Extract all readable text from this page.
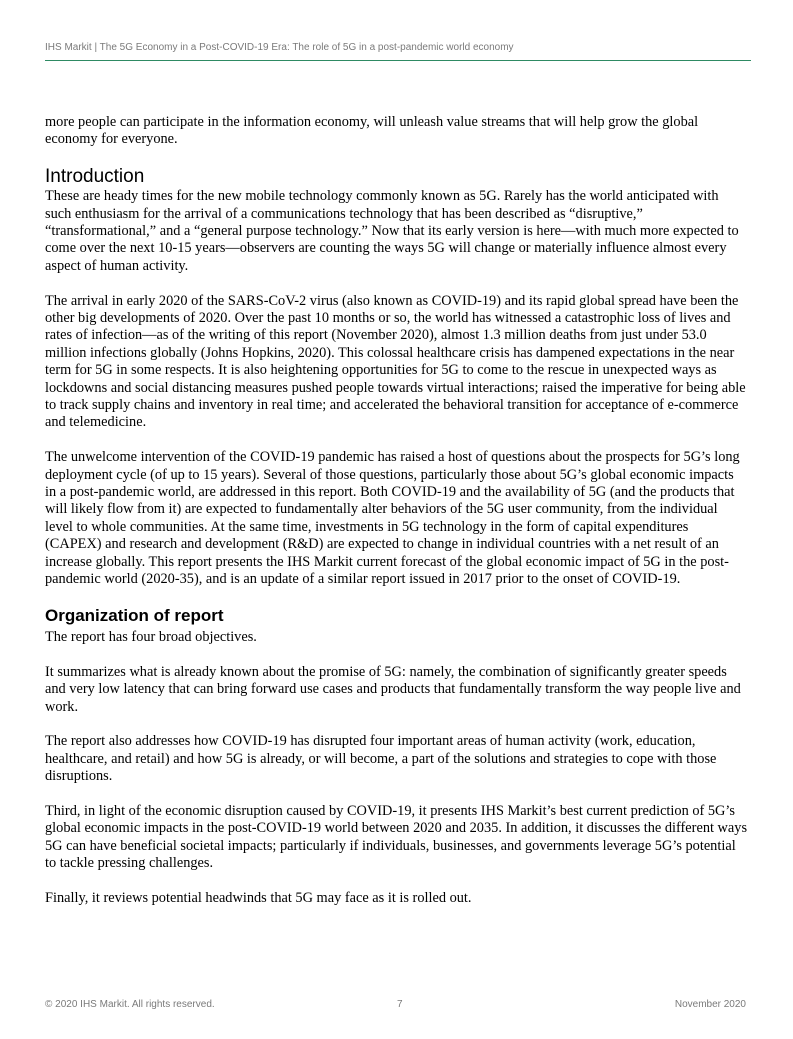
IHS Markit | The 5G Economy in a Post-COVID-19 Era: The role of 5G in a post-pandemic world economy

more people can participate in the information economy, will unleash value streams that will help grow the global economy for everyone.

Introduction

These are heady times for the new mobile technology commonly known as 5G. Rarely has the world anticipated with such enthusiasm for the arrival of a communications technology that has been described as “disruptive,” “transformational,” and a “general purpose technology.” Now that its early version is here—with much more expected to come over the next 10-15 years—observers are counting the ways 5G will change or materially influence almost every aspect of human activity.

The arrival in early 2020 of the SARS-CoV-2 virus (also known as COVID-19) and its rapid global spread have been the other big developments of 2020. Over the past 10 months or so, the world has witnessed a catastrophic loss of lives and rates of infection—as of the writing of this report (November 2020), almost 1.3 million deaths from just under 53.0 million infections globally (Johns Hopkins, 2020). This colossal healthcare crisis has dampened expectations in the near term for 5G in some respects. It is also heightening opportunities for 5G to come to the rescue in unexpected ways as lockdowns and social distancing measures pushed people towards virtual interactions; raised the imperative for being able to track supply chains and inventory in real time; and accelerated the behavioral transition for acceptance of e-commerce and telemedicine.

The unwelcome intervention of the COVID-19 pandemic has raised a host of questions about the prospects for 5G’s long deployment cycle (of up to 15 years). Several of those questions, particularly those about 5G’s global economic impacts in a post-pandemic world, are addressed in this report. Both COVID-19 and the availability of 5G (and the products that will likely flow from it) are expected to fundamentally alter behaviors of the 5G user community, from the individual level to whole communities. At the same time, investments in 5G technology in the form of capital expenditures (CAPEX) and research and development (R&D) are expected to change in individual countries with a net result of an increase globally. This report presents the IHS Markit current forecast of the global economic impact of 5G in the post-pandemic world (2020-35), and is an update of a similar report issued in 2017 prior to the onset of COVID-19.

Organization of report

The report has four broad objectives.

It summarizes what is already known about the promise of 5G: namely, the combination of significantly greater speeds and very low latency that can bring forward use cases and products that fundamentally transform the way people live and work.

The report also addresses how COVID-19 has disrupted four important areas of human activity (work, education, healthcare, and retail) and how 5G is already, or will become, a part of the solutions and strategies to cope with those disruptions.

Third, in light of the economic disruption caused by COVID-19, it presents IHS Markit’s best current prediction of 5G’s global economic impacts in the post-COVID-19 world between 2020 and 2035. In addition, it discusses the different ways 5G can have beneficial societal impacts; particularly if individuals, businesses, and governments leverage 5G’s potential to tackle pressing challenges.

Finally, it reviews potential headwinds that 5G may face as it is rolled out.

© 2020 IHS Markit. All rights reserved.	7	November 2020
